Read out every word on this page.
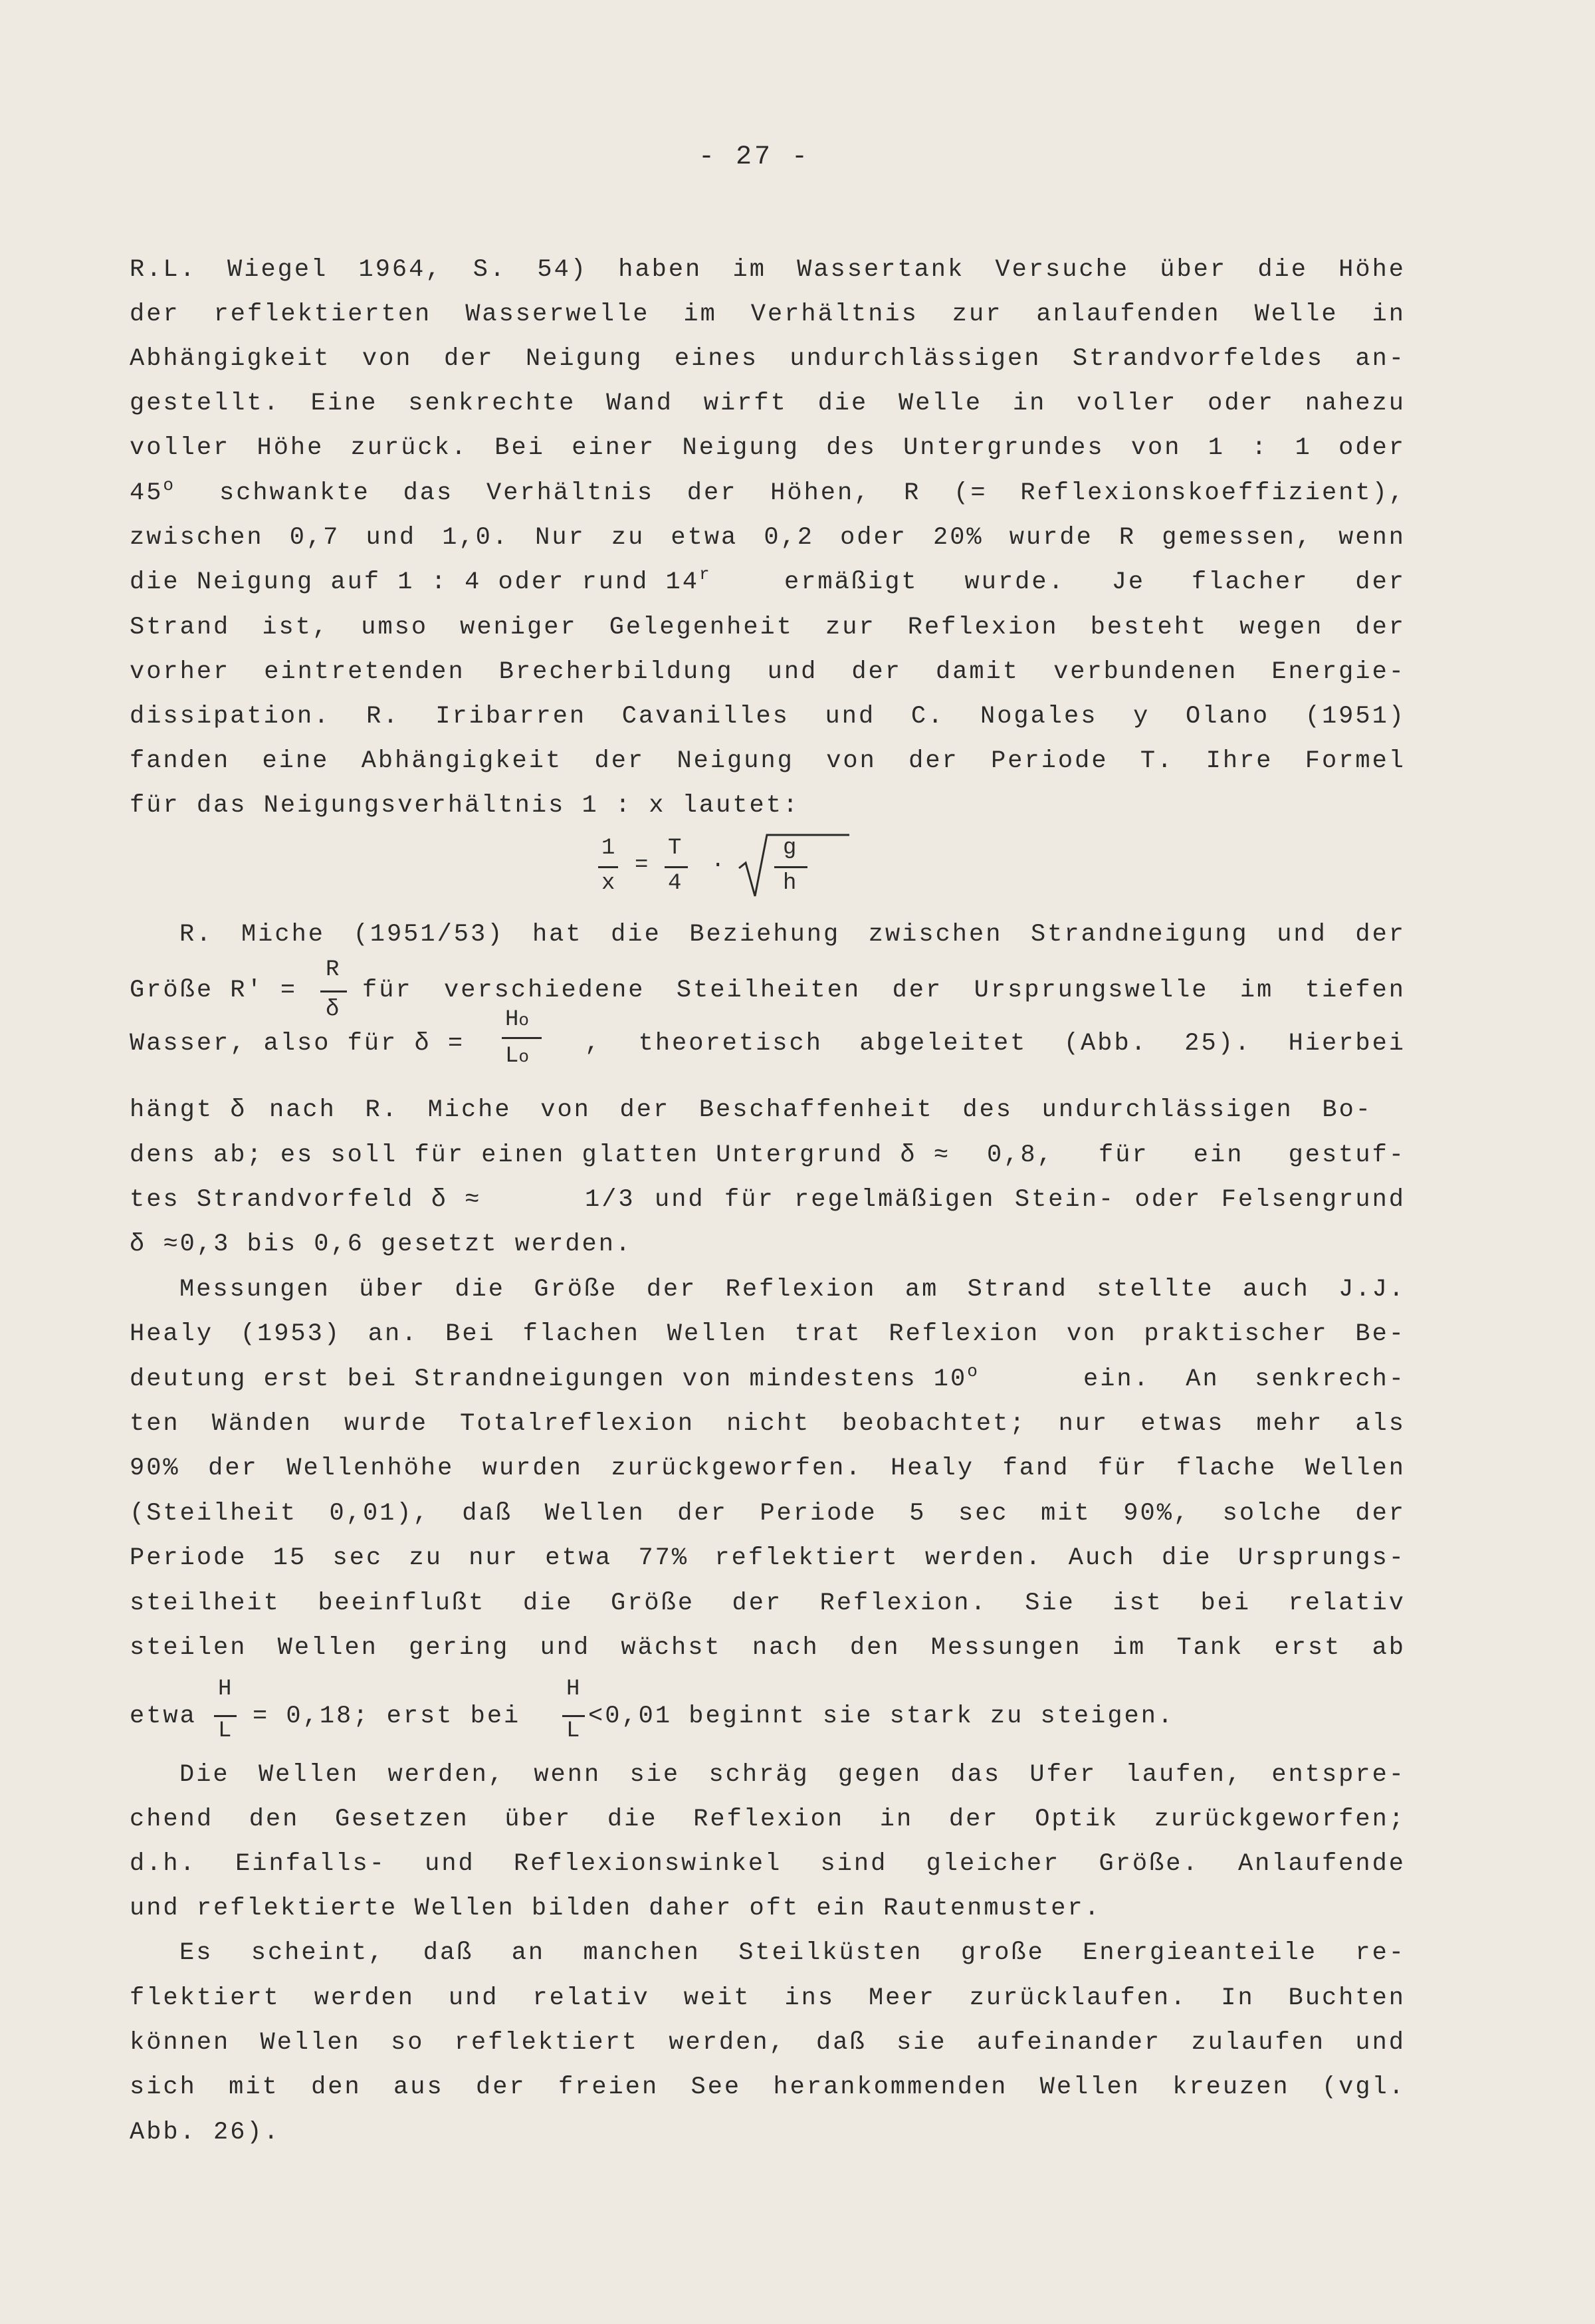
- 27 -
R.L. Wiegel 1964, S. 54) haben im Wassertank Versuche über die Höhe
der reflektierten Wasserwelle im Verhältnis zur anlaufenden Welle in
Abhängigkeit von der Neigung eines undurchlässigen Strandvorfeldes an-
gestellt. Eine senkrechte Wand wirft die Welle in voller oder nahezu
voller Höhe zurück. Bei einer Neigung des Untergrundes von 1 : 1 oder
45$^o$ schwankte das Verhältnis der Höhen, R (= Reflexionskoeffizient),
zwischen 0,7 und 1,0. Nur zu etwa 0,2 oder 20% wurde R gemessen, wenn
die Neigung auf 1 : 4 oder rund 14$^r$	ermäßigt wurde. Je flacher der
Strand ist, umso weniger Gelegenheit zur Reflexion besteht wegen der
vorher eintretenden Brecherbildung und der damit verbundenen Energie-
dissipation. R. Iribarren Cavanilles und C. Nogales y Olano (1951)
fanden eine Abhängigkeit der Neigung von der Periode T. Ihre Formel
für das Neigungsverhältnis 1 : x lautet:
1
x
=
T
4
·
g
h
R. Miche (1951/53) hat die Beziehung zwischen Strandneigung und der
R
Größe R' =
δ
für verschiedene Steilheiten der Ursprungswelle im tiefen
Wasser, also für δ =
Ho
Lo , theoretisch abgeleitet (Abb. 25). Hierbei
hängt δ nach R. Miche von der Beschaffenheit des undurchlässigen Bo-
dens ab; es soll für einen glatten Untergrund δ ≈ 0,8, für ein gestuf-
tes Strandvorfeld δ ≈	1/3 und für regelmäßigen Stein- oder Felsengrund
δ ≈0,3 bis 0,6 gesetzt werden.
Messungen über die Größe der Reflexion am Strand stellte auch J.J.
Healy (1953) an. Bei flachen Wellen trat Reflexion von praktischer Be-
deutung erst bei Strandneigungen von mindestens 10$^o$	ein. An senkrech-
ten Wänden wurde Totalreflexion nicht beobachtet; nur etwas mehr als
90% der Wellenhöhe wurden zurückgeworfen. Healy fand für flache Wellen
(Steilheit 0,01), daß Wellen der Periode 5 sec mit 90%, solche der
Periode 15 sec zu nur etwa 77% reflektiert werden. Auch die Ursprungs-
steilheit beeinflußt die Größe der Reflexion. Sie ist bei relativ
steilen Wellen gering und wächst nach den Messungen im Tank erst ab
H
etwa
L
= 0,18; erst bei
H
L
<0,01 beginnt sie stark zu steigen.
Die Wellen werden, wenn sie schräg gegen das Ufer laufen, entspre-
chend den Gesetzen über die Reflexion in der Optik zurückgeworfen;
d.h. Einfalls- und Reflexionswinkel sind gleicher Größe. Anlaufende
und reflektierte Wellen bilden daher oft ein Rautenmuster.
Es scheint, daß an manchen Steilküsten große Energieanteile re-
flektiert werden und relativ weit ins Meer zurücklaufen. In Buchten
können Wellen so reflektiert werden, daß sie aufeinander zulaufen und
sich mit den aus der freien See herankommenden Wellen kreuzen (vgl.
Abb. 26).
